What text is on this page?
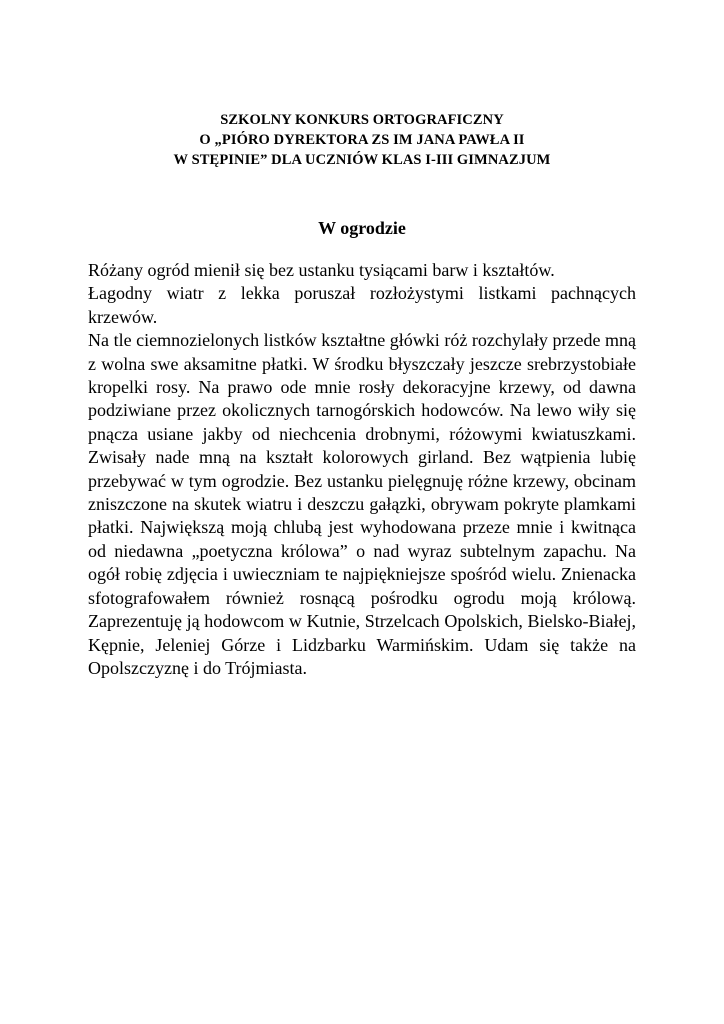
SZKOLNY KONKURS ORTOGRAFICZNY
O „PIÓRO DYREKTORA ZS IM JANA PAWŁA II
W STĘPINIE” DLA UCZNIÓW KLAS I-III GIMNAZJUM
W ogrodzie

Różany ogród mienił się bez ustanku tysiącami barw i kształtów.

Łagodny wiatr z lekka poruszał rozłożystymi listkami pachnących krzewów.

Na tle ciemnozielonych listków kształtne główki róż rozchylały przede mną z wolna swe aksamitne płatki. W środku błyszczały jeszcze srebrzystobiałe kropelki rosy. Na prawo ode mnie rosły dekoracyjne krzewy, od dawna podziwiane przez okolicznych tarnogórskich hodowców. Na lewo wiły się pnącza usiane jakby od niechcenia drobnymi, różowymi kwiatuszkami. Zwisały nade mną na kształt kolorowych girland. Bez wątpienia lubię przebywać w tym ogrodzie. Bez ustanku pielęgnuję różne krzewy, obcinam zniszczone na skutek wiatru i deszczu gałązki, obrywam pokryte plamkami płatki. Największą moją chlubą jest wyhodowana przeze mnie i kwitnąca od niedawna „poetyczna królowa” o nad wyraz subtelnym zapachu. Na ogół robię zdjęcia i uwieczniam te najpiękniejsze spośród wielu. Znienacka sfotografowałem również rosnącą pośrodku ogrodu moją królową. Zaprezentuję ją hodowcom w Kutnie, Strzelcach Opolskich, Bielsko-Białej, Kępnie, Jeleniej Górze i Lidzbarku Warmińskim. Udam się także na Opolszczyznę i do Trójmiasta.
